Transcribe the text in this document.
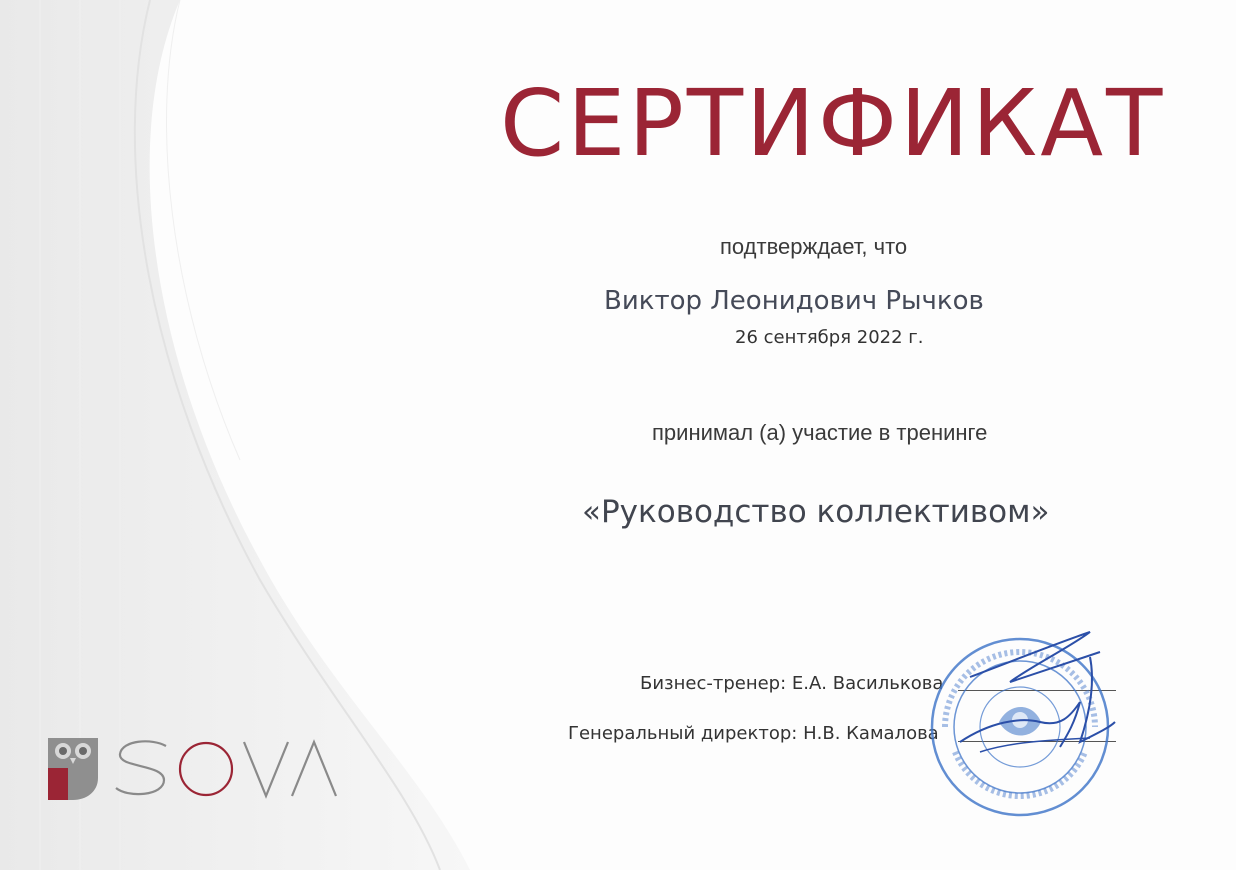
СЕРТИФИКАТ
подтверждает, что
Виктор Леонидович Рычков
26 сентября 2022 г.
принимал (а) участие в тренинге
«Руководство коллективом»
Бизнес-тренер: Е.А. Василькова
Генеральный директор: Н.В. Камалова
